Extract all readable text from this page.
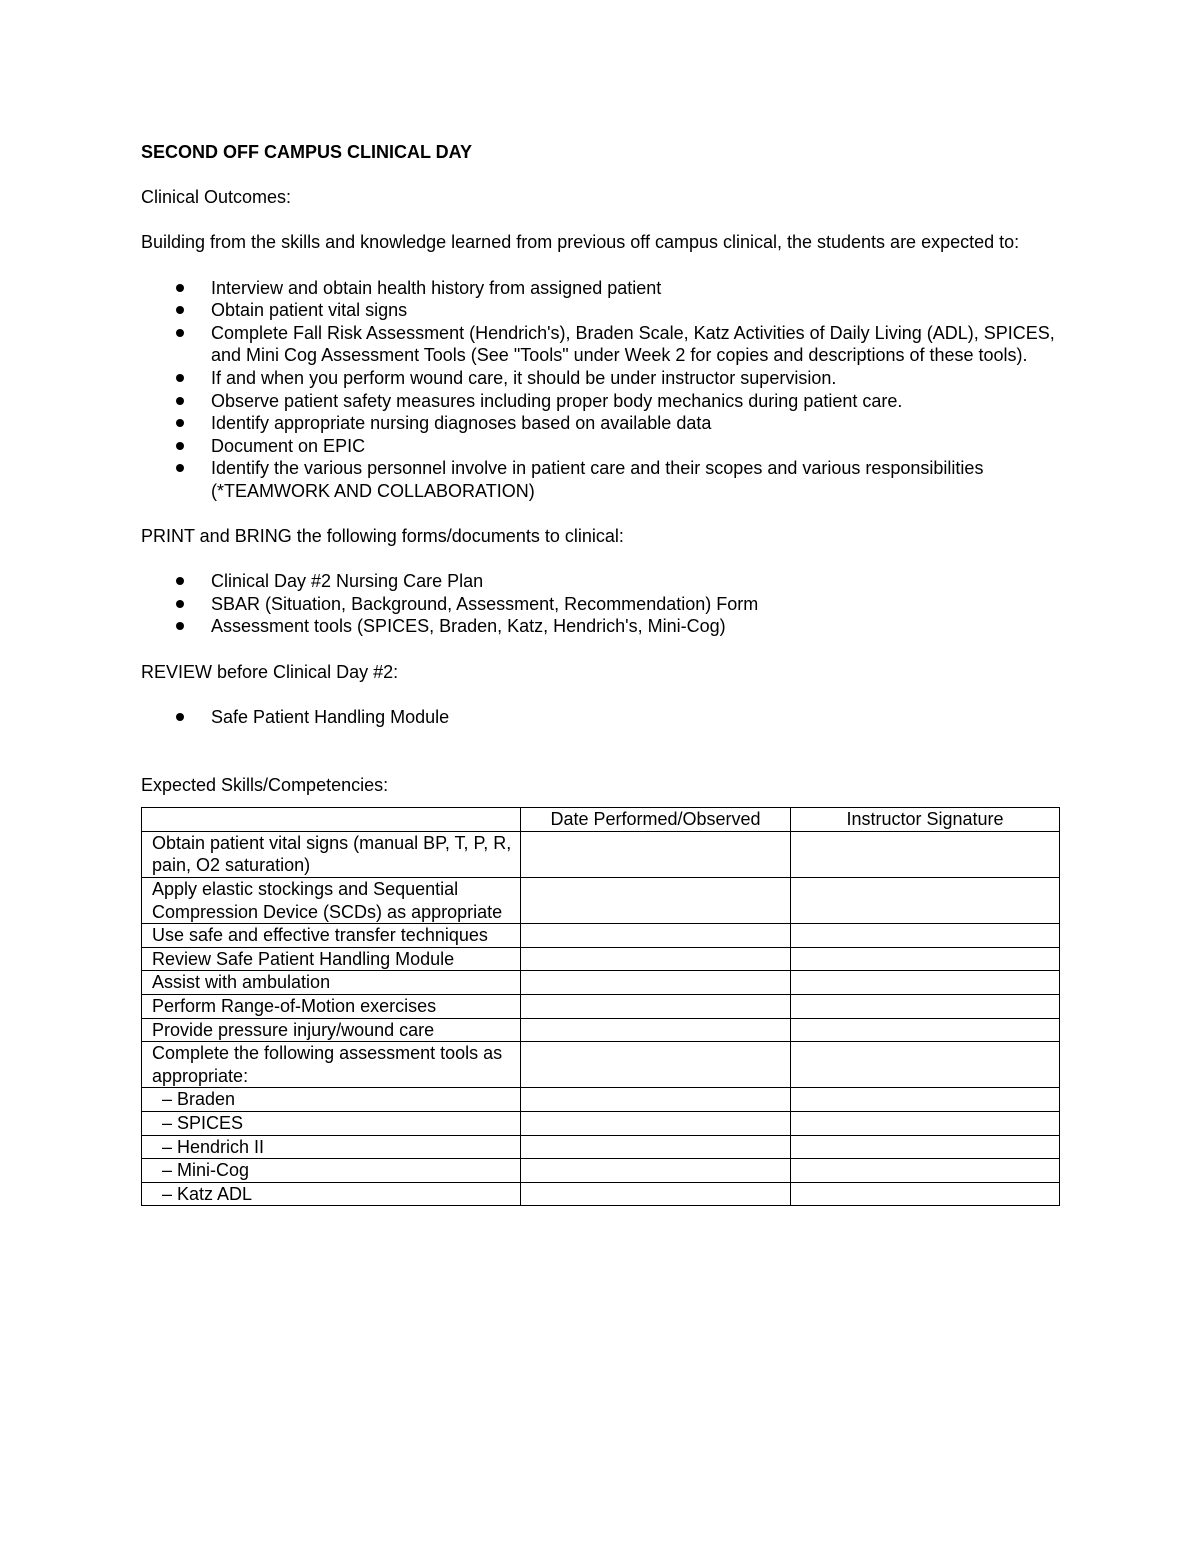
SECOND OFF CAMPUS CLINICAL DAY

Clinical Outcomes:

Building from the skills and knowledge learned from previous off campus clinical, the students are expected to:

Interview and obtain health history from assigned patient
Obtain patient vital signs
Complete Fall Risk Assessment (Hendrich's), Braden Scale, Katz Activities of Daily Living (ADL), SPICES, and Mini Cog Assessment Tools (See "Tools" under Week 2 for copies and descriptions of these tools).
If and when you perform wound care, it should be under instructor supervision.
Observe patient safety measures including proper body mechanics during patient care.
Identify appropriate nursing diagnoses based on available data
Document on EPIC
Identify the various personnel involve in patient care and their scopes and various responsibilities (*TEAMWORK AND COLLABORATION)

PRINT and BRING the following forms/documents to clinical:

Clinical Day #2 Nursing Care Plan
SBAR (Situation, Background, Assessment, Recommendation) Form
Assessment tools (SPICES, Braden, Katz, Hendrich's, Mini-Cog)

REVIEW before Clinical Day #2:

Safe Patient Handling Module

Expected Skills/Competencies:

	Date Performed/Observed	Instructor Signature
Obtain patient vital signs (manual BP, T, P, R, pain, O2 saturation)		
Apply elastic stockings and Sequential Compression Device (SCDs) as appropriate		
Use safe and effective transfer techniques		
Review Safe Patient Handling Module		
Assist with ambulation		
Perform Range-of-Motion exercises		
Provide pressure injury/wound care		
Complete the following assessment tools as appropriate:		
– Braden		
– SPICES		
– Hendrich II		
– Mini-Cog		
– Katz ADL		
